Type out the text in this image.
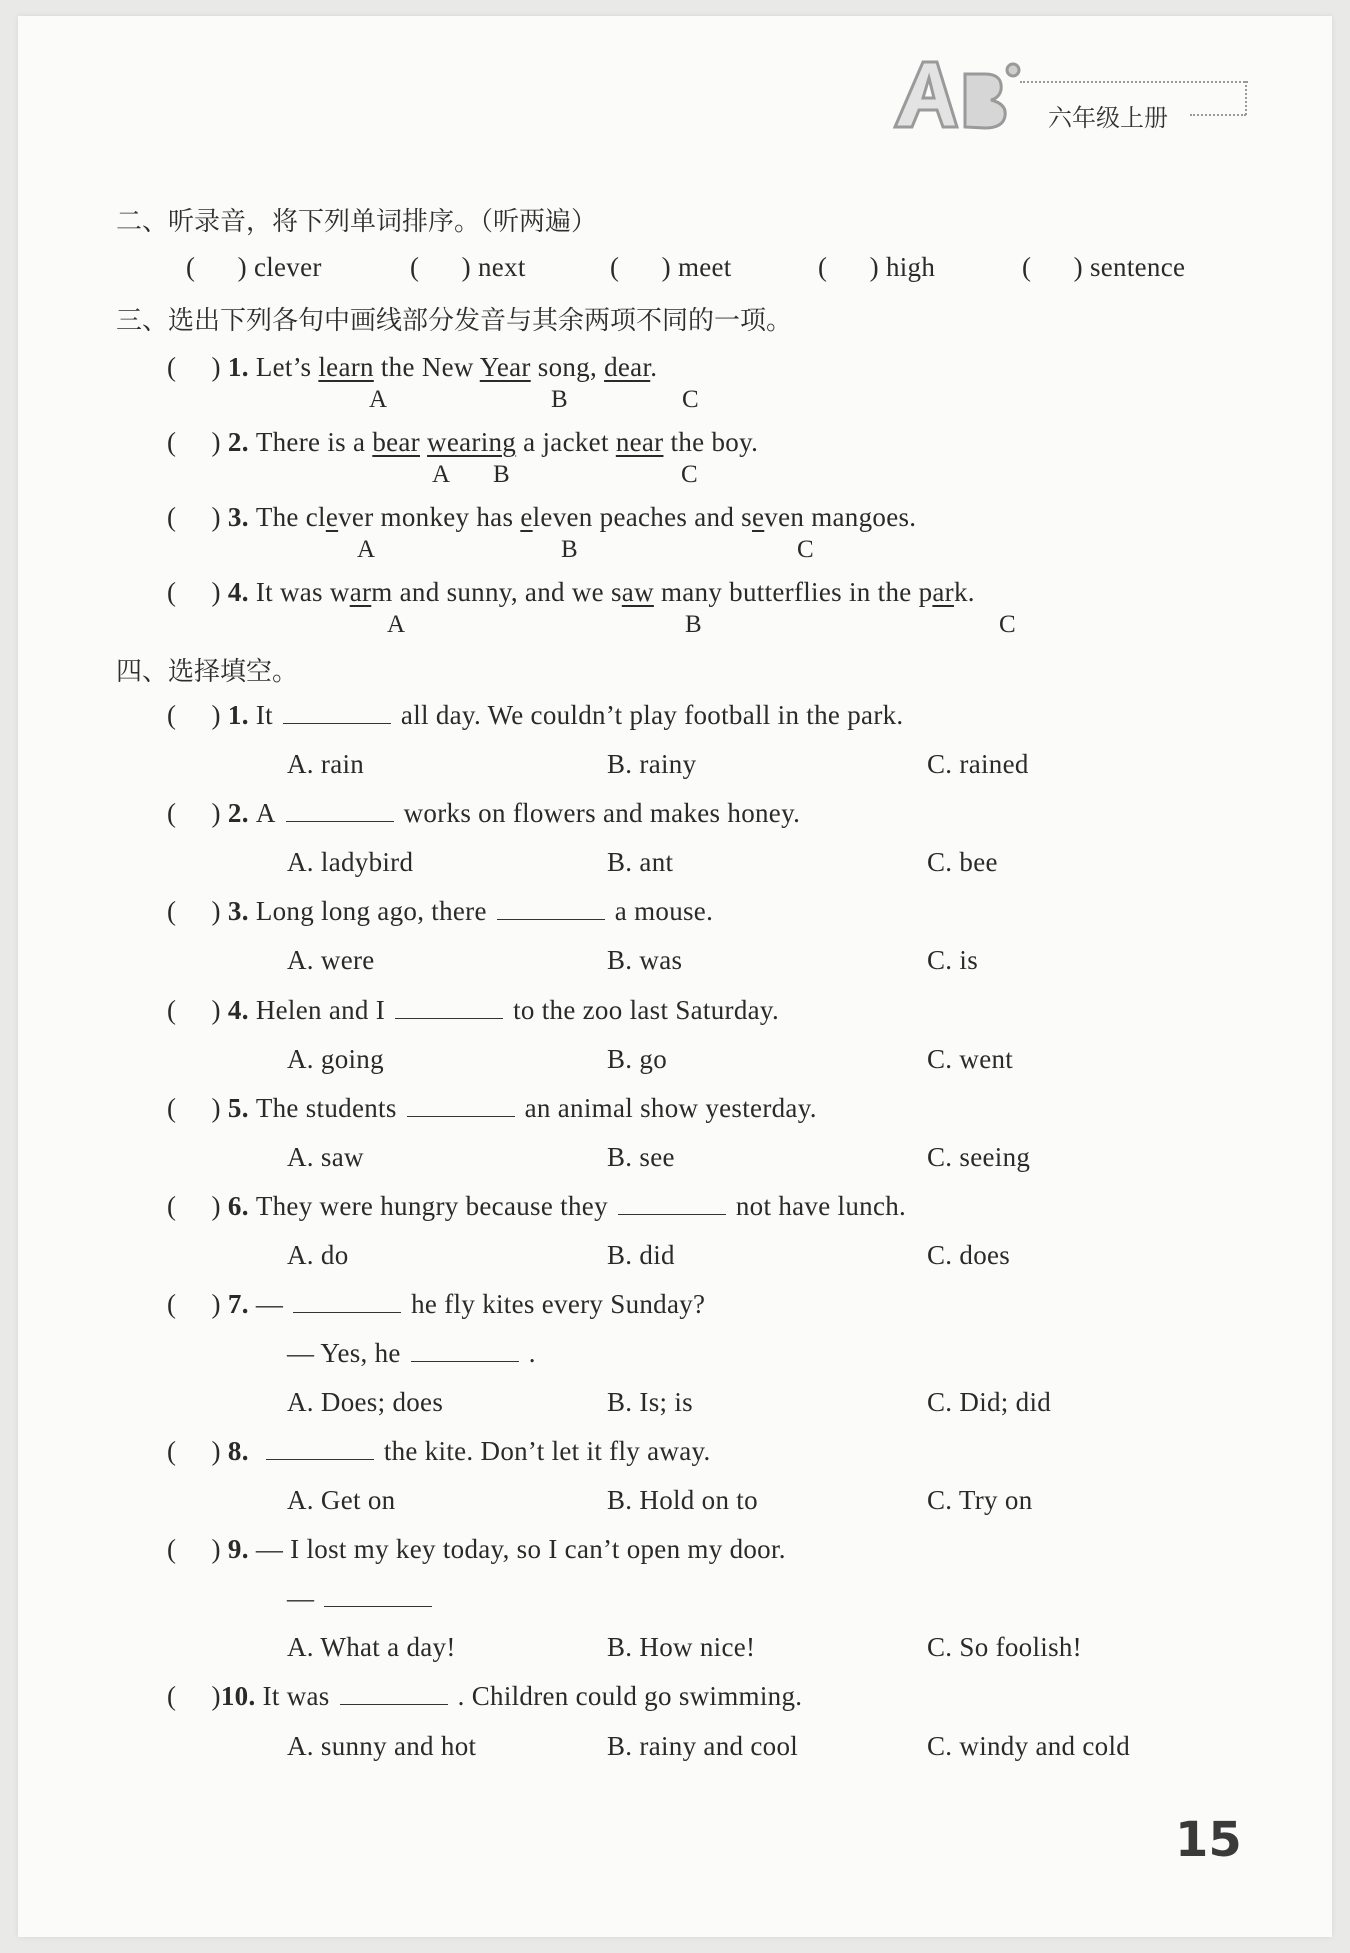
六年级上册
二、听录音，将下列单词排序。（听两遍）
(      ) clever	(      ) next	(      ) meet	(      ) high	(      ) sentence
三、选出下列各句中画线部分发音与其余两项不同的一项。
(     ) 1. Let’s learn the New Year song, dear.
A	B	C
(     ) 2. There is a bear wearing a jacket near the boy.
A B	C
(     ) 3. The clever monkey has eleven peaches and seven mangoes.
A	B	C
(     ) 4. It was warm and sunny, and we saw many butterflies in the park.
A	B	C
四、选择填空。
(     ) 1. It	all day. We couldn’t play football in the park.
A. rain	B. rainy	C. rained
(     ) 2. A	works on flowers and makes honey.
A. ladybird	B. ant	C. bee
(     ) 3. Long long ago, there	a mouse.
A. were	B. was	C. is
(     ) 4. Helen and I	to the zoo last Saturday.
A. going	B. go	C. went
(     ) 5. The students	an animal show yesterday.
A. saw	B. see	C. seeing
(     ) 6. They were hungry because they	not have lunch.
A. do	B. did	C. does
(     ) 7. —	he fly kites every Sunday?
— Yes, he	.
A. Does; does	B. Is; is	C. Did; did
(     ) 8.	the kite. Don’t let it fly away.
A. Get on	B. Hold on to	C. Try on
(     ) 9. — I lost my key today, so I can’t open my door.
—
A. What a day!	B. How nice!	C. So foolish!
(     )10. It was	. Children could go swimming.
A. sunny and hot	B. rainy and cool	C. windy and cold
15
